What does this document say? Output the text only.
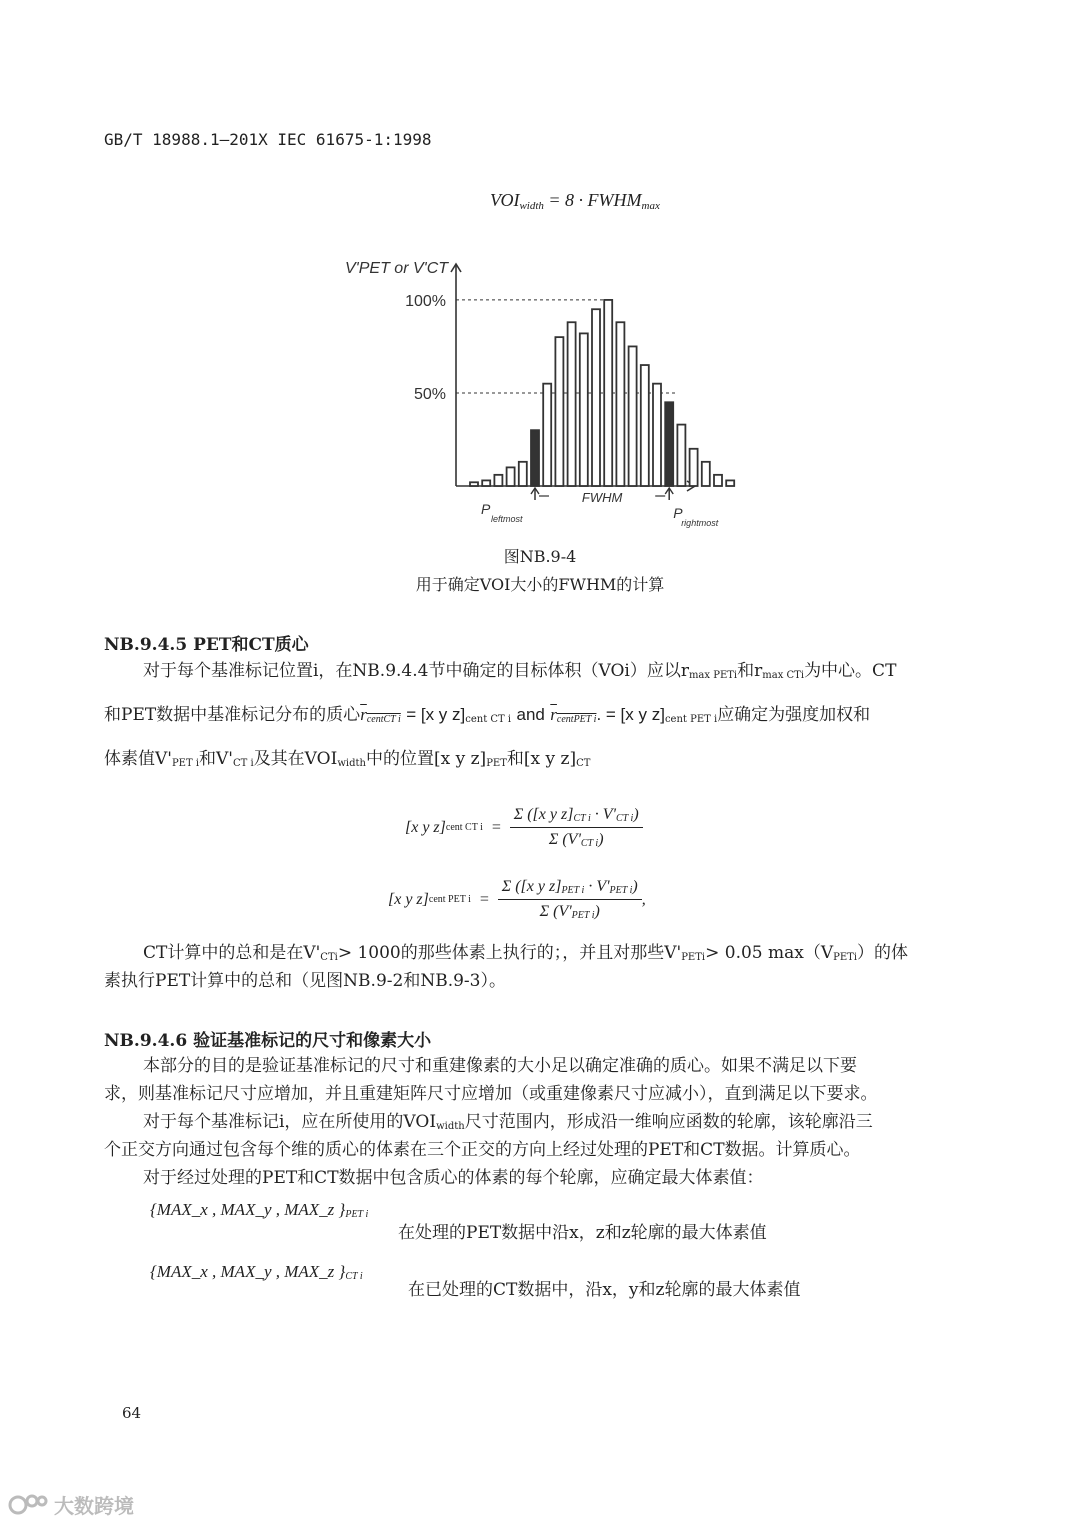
GB/T 18988.1—201X IEC 61675-1:1998
$VOI_{width} = 8$ · $FWHM_{max}$
V'PET or V'CT
100%
50%
FWHM
P
leftmost	P
rightmost
图NB.9-4
用于确定VOI大小的FWHM的计算
NB.9.4.5 PET和CT质心
对于每个基准标记位置i，在NB.9.4.4节中确定的目标体积（VOi）应以$r_{max PETi}$和$r_{max CTi}$为中心。CT
和PET数据中基准标记分布的质心$r_{centCT i} = [x$ y $z]_{cent CT i}$ and $r_{centPET i}$. = [x y $z]_{cent PET i}$应确定为强度加权和
体素值$V'_{PET i}$和$V'_{CT i}$及其在$VOI_{width}$中的位置[x y $z]_{PET}$和[x y $z]_{CT}$
[x y z] cent CT $i = \frac{\Sigma ([x y z]_{CT i} \cdot V'_{CT i})}{\Sigma (V'_{CT i})}$
[x y z] cent PET i =
Σ ([x y $z]_{PET i} \cdot V'_{PET i}$)
Σ $(V'_{PET i})$
,
CT计算中的总和是在$V'_{CTi}> 1000$的那些体素上执行的；，并且对那些$V'_{PETi}> 0.05$ $\max(V_{PETi})$的体
素执行PET计算中的总和（见图NB.9-2和NB.9-3）。
NB.9.4.6 验证基准标记的尺寸和像素大小
本部分的目的是验证基准标记的尺寸和重建像素的大小足以确定准确的质心。如果不满足以下要
求，则基准标记尺寸应增加，并且重建矩阵尺寸应增加（或重建像素尺寸应减小），直到满足以下要求。
对于每个基准标记i，应在所使用的$VOI_{width}$尺寸范围内，形成沿一维响应函数的轮廓，该轮廓沿三
个正交方向通过包含每个维的质心的体素在三个正交的方向上经过处理的PET和CT数据。计算质心。
对于经过处理的PET和CT数据中包含质心的体素的每个轮廓，应确定最大体素值：
{MAX_x , MAX_y , MAX_z }$_{PET i}$
在处理的PET数据中沿x，z和z轮廓的最大体素值
{MAX_x , MAX_y , MAX_z }$_{CT i}$
在已处理的CT数据中，沿x，y和z轮廓的最大体素值
64
大数跨境
